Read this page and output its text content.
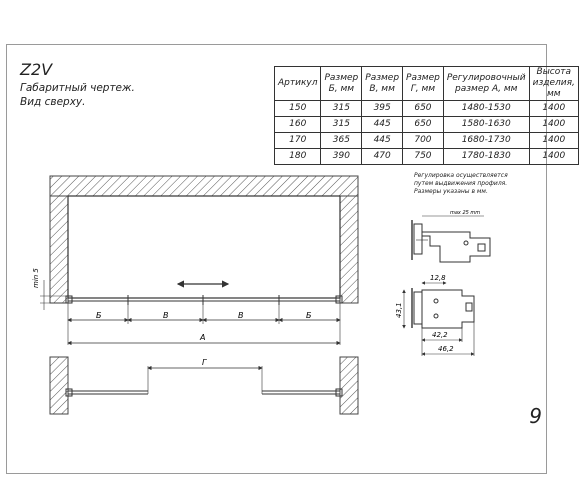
Z2V
Габаритный чертеж.
Вид сверху.
Артикул	Размер Б, мм	Размер В, мм	Размер Г, мм	Регулировочный размер А, мм	Высота изделия, мм
150	315	395	650	1480-1530	1400
160	315	445	650	1580-1630	1400
170	365	445	700	1680-1730	1400
180	390	470	750	1780-1830	1400
Регулировка осуществляется
путем выдвижения профиля.
Размеры указаны в мм.
min 5
Б	В	В	Б
А
Г
max 25 mm
12,8
43,1
42,2
46,2
9
